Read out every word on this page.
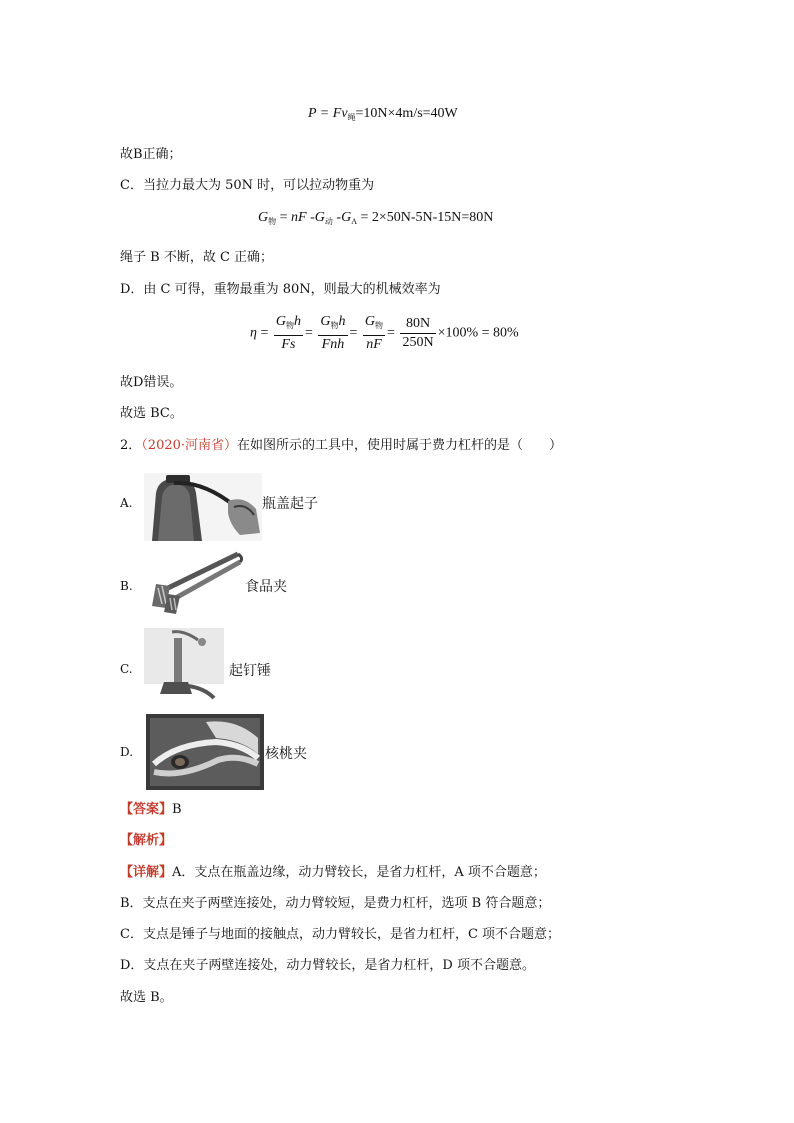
$P = Fv_绳=10N\times 4m/s=40W$
故B正确；
C．当拉力最大为 50N 时，可以拉动物重为
$G_物$ = nF $-G_动$ $-G_A = 2\times 50N-5N-15N=80N$
绳子 B 不断，故 C 正确；
D．由 C 可得，重物最重为 80N，则最大的机械效率为
$\eta = \frac{G_物h}{Fs} = \frac{G_物h}{\text{Fnh}} = \frac{G_物}{nF} = \frac{80N}{250N} \times 100\% = 80\%$
故D错误。
故选 BC。
2．（2020·河南省）在如图所示的工具中，使用时属于费力杠杆的是（　　）
A.	瓶盖起子
B.	食品夹
C.	起钉锤
D.	核桃夹
【答案】B
【解析】
【详解】A．支点在瓶盖边缘，动力臂较长，是省力杠杆，A 项不合题意；
B．支点在夹子两壁连接处，动力臂较短，是费力杠杆，选项 B 符合题意；
C．支点是锤子与地面的接触点，动力臂较长，是省力杠杆，C 项不合题意；
D．支点在夹子两壁连接处，动力臂较长，是省力杠杆，D 项不合题意。
故选 B。
